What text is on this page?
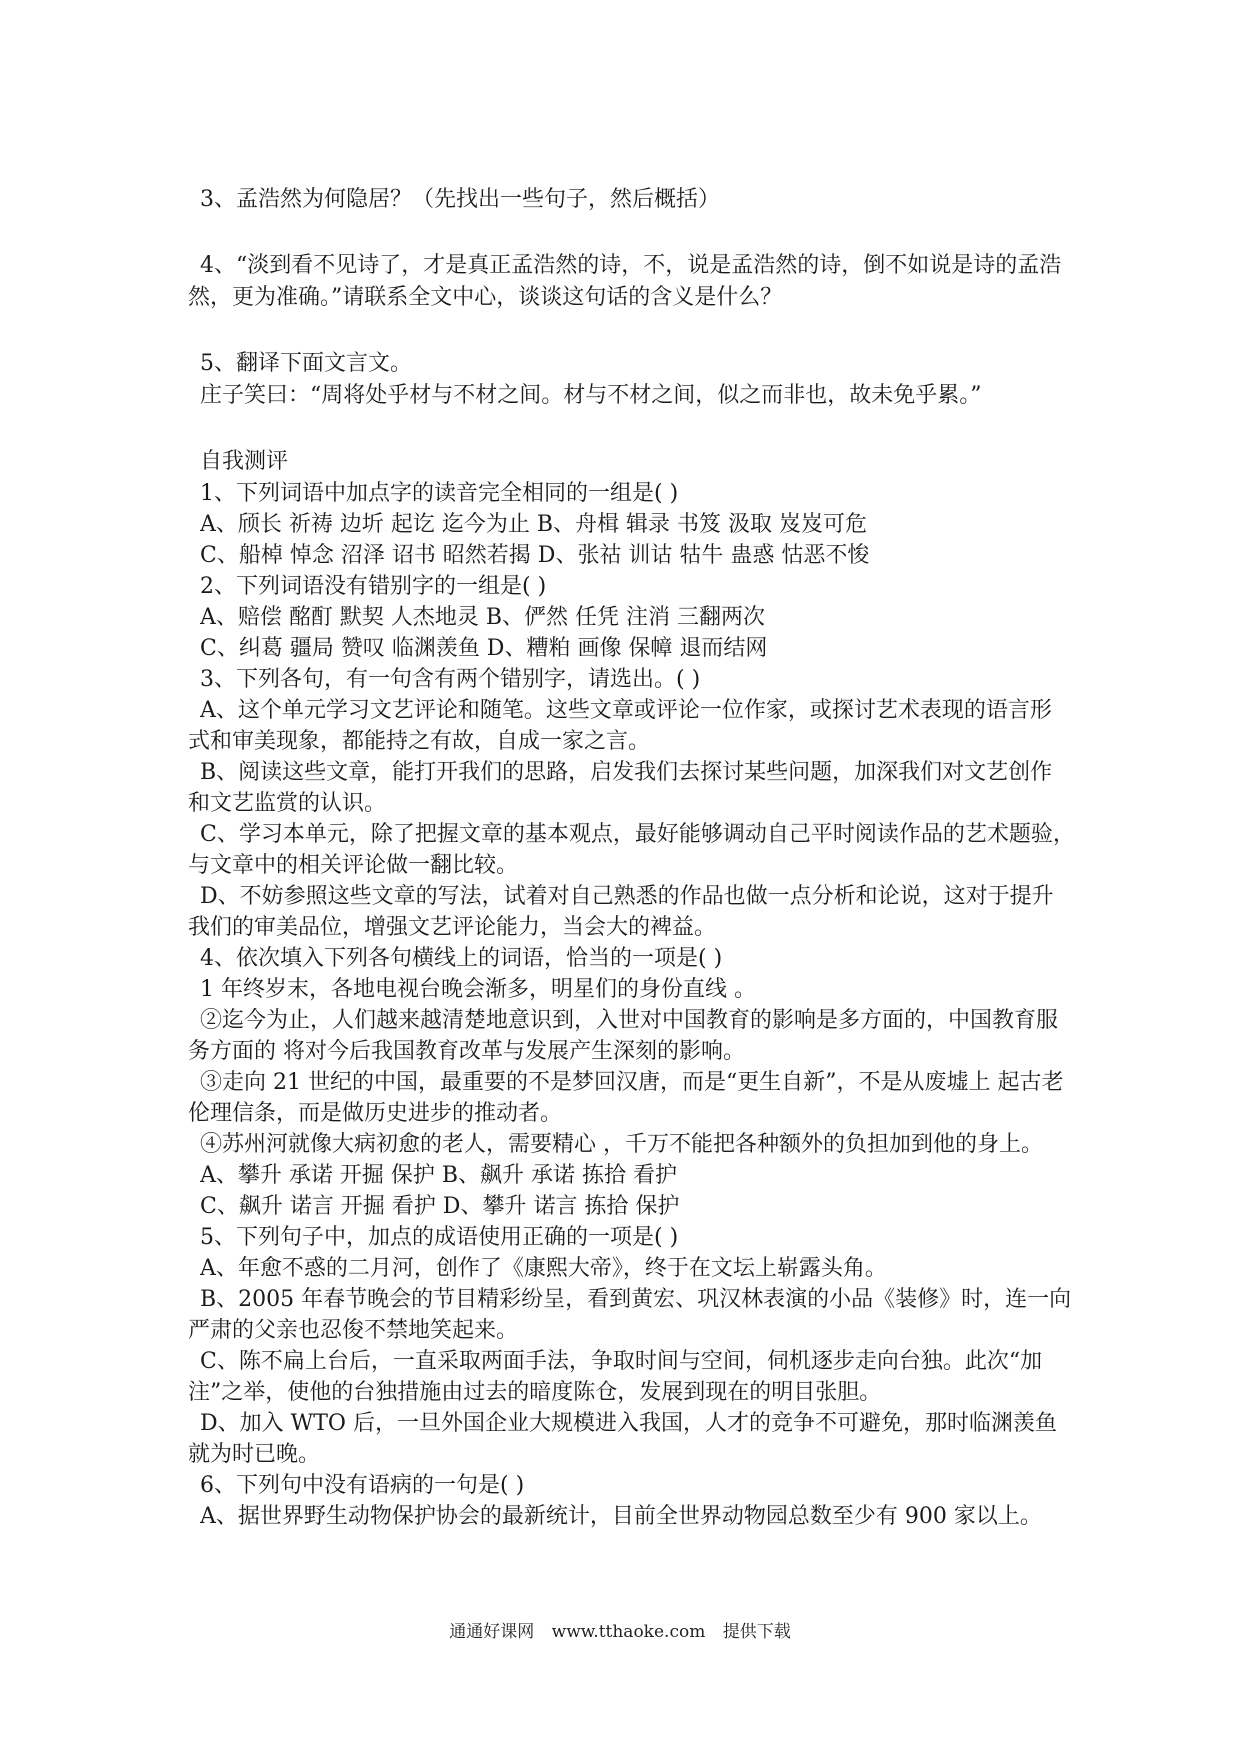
3、孟浩然为何隐居？（先找出一些句子，然后概括）
4、“淡到看不见诗了，才是真正孟浩然的诗，不，说是孟浩然的诗，倒不如说是诗的孟浩
然，更为准确。”请联系全文中心，谈谈这句话的含义是什么？
5、翻译下面文言文。
庄子笑曰：“周将处乎材与不材之间。材与不材之间，似之而非也，故未免乎累。”
自我测评
1、下列词语中加点字的读音完全相同的一组是( )
A、颀长 祈祷 边圻 起讫 迄今为止 B、舟楫 辑录 书笈 汲取 岌岌可危
C、船棹 悼念 沼泽 诏书 昭然若揭 D、张祜 训诂 牯牛 蛊惑 怙恶不悛
2、下列词语没有错别字的一组是( )
A、赔偿 酩酊 默契 人杰地灵 B、俨然 任凭 注消 三翻两次
C、纠葛 疆局 赞叹 临渊羡鱼 D、糟粕 画像 保幛 退而结网
3、下列各句，有一句含有两个错别字，请选出。( )
A、这个单元学习文艺评论和随笔。这些文章或评论一位作家，或探讨艺术表现的语言形
式和审美现象，都能持之有故，自成一家之言。
B、阅读这些文章，能打开我们的思路，启发我们去探讨某些问题，加深我们对文艺创作
和文艺监赏的认识。
C、学习本单元，除了把握文章的基本观点，最好能够调动自己平时阅读作品的艺术题验，
与文章中的相关评论做一翻比较。
D、不妨参照这些文章的写法，试着对自己熟悉的作品也做一点分析和论说，这对于提升
我们的审美品位，增强文艺评论能力，当会大的裨益。
4、依次填入下列各句横线上的词语，恰当的一项是( )
1 年终岁末，各地电视台晚会渐多，明星们的身份直线 。
②迄今为止，人们越来越清楚地意识到，入世对中国教育的影响是多方面的，中国教育服
务方面的 将对今后我国教育改革与发展产生深刻的影响。
③走向 21 世纪的中国，最重要的不是梦回汉唐，而是“更生自新”，不是从废墟上 起古老
伦理信条，而是做历史进步的推动者。
④苏州河就像大病初愈的老人，需要精心 ，千万不能把各种额外的负担加到他的身上。
A、攀升 承诺 开掘 保护 B、飙升 承诺 拣拾 看护
C、飙升 诺言 开掘 看护 D、攀升 诺言 拣拾 保护
5、下列句子中，加点的成语使用正确的一项是( )
A、年愈不惑的二月河，创作了《康熙大帝》，终于在文坛上崭露头角。
B、2005 年春节晚会的节目精彩纷呈，看到黄宏、巩汉林表演的小品《装修》时，连一向
严肃的父亲也忍俊不禁地笑起来。
C、陈不扁上台后，一直采取两面手法，争取时间与空间，伺机逐步走向台独。此次“加
注”之举，使他的台独措施由过去的暗度陈仓，发展到现在的明目张胆。
D、加入 WTO 后，一旦外国企业大规模进入我国，人才的竞争不可避免，那时临渊羡鱼
就为时已晚。
6、下列句中没有语病的一句是( )
A、据世界野生动物保护协会的最新统计，目前全世界动物园总数至少有 900 家以上。
通通好课网 www.tthaoke.com 提供下载
